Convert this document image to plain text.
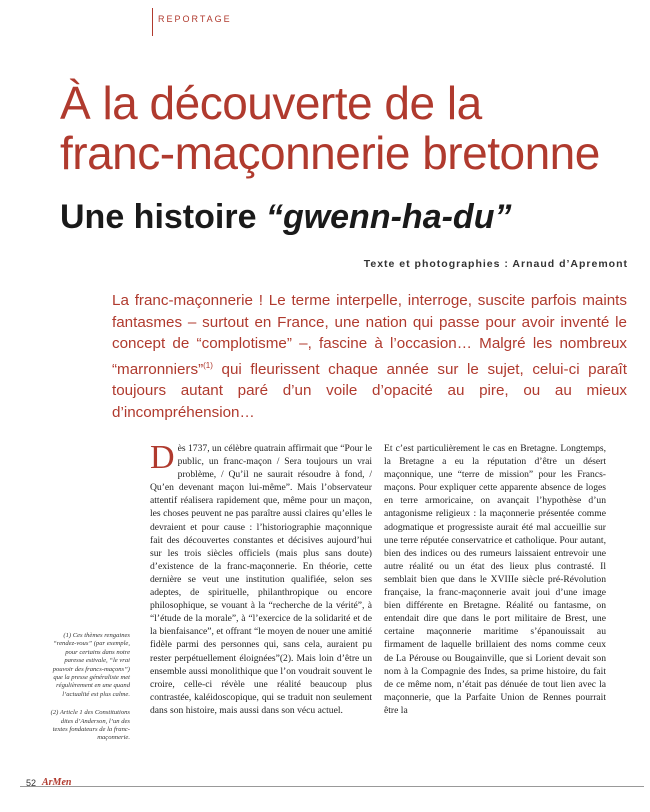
REPORTAGE
À la découverte de la
franc-maçonnerie bretonne
Une histoire “gwenn-ha-du”
Texte et photographies : Arnaud d’Apremont

La franc-maçonnerie ! Le terme interpelle, interroge, suscite parfois maints fantasmes – surtout en France, une nation qui passe pour avoir inventé le concept de “complotisme” –, fascine à l’occasion… Malgré les nombreux “marronniers”$^{(1)}$ qui fleurissent chaque année sur le sujet, celui-ci paraît toujours autant paré d’un voile d’opacité au pire, ou au mieux d’incompréhension…

(1) Ces thèmes rengaines “rendez-vous” (par exemple, pour certains dans notre paresse estivale, “le vrai pouvoir des francs-maçons”) que la presse généraliste met régulièrement en une quand l’actualité est plus calme.

(2) Article 1 des Constitutions dites d’Anderson, l’un des textes fondateurs de la franc-maçonnerie.

Dès 1737, un célèbre quatrain affirmait que “Pour le public, un franc-maçon / Sera toujours un vrai problème, / Qu’il ne saurait résoudre à fond, / Qu’en devenant maçon lui-même”. Mais l’observateur attentif réalisera rapidement que, même pour un maçon, les choses peuvent ne pas paraître aussi claires qu’elles le devraient et pour cause : l’historiographie maçonnique fait des découvertes constantes et décisives aujourd’hui sur les trois siècles officiels (mais plus sans doute) d’existence de la franc-maçonnerie. En théorie, cette dernière se veut une institution qualifiée, selon ses adeptes, de spirituelle, philanthropique ou encore philosophique, se vouant à la “recherche de la vérité”, à “l’étude de la morale”, à “l’exercice de la solidarité et de la bienfaisance”, et offrant “le moyen de nouer une amitié fidèle parmi des personnes qui, sans cela, auraient pu rester perpétuellement éloignées”(2). Mais loin d’être un ensemble aussi monolithique que l’on voudrait souvent le croire, celle-ci révèle une réalité beaucoup plus contrastée, kaléidoscopique, qui se traduit non seulement dans son histoire, mais aussi dans son vécu actuel.

Et c’est particulièrement le cas en Bretagne. Longtemps, la Bretagne a eu la réputation d’être un désert maçonnique, une “terre de mission” pour les Francs-maçons. Pour expliquer cette apparente absence de loges en terre armoricaine, on avançait l’hypothèse d’un antagonisme religieux : la maçonnerie présentée comme adogmatique et progressiste aurait été mal accueillie sur une terre réputée conservatrice et catholique. Pour autant, bien des indices ou des rumeurs laissaient entrevoir une autre réalité ou un état des lieux plus contrasté. Il semblait bien que dans le XVIIIe siècle pré-Révolution française, la franc-maçonnerie avait joui d’une image bien différente en Bretagne. Réalité ou fantasme, on entendait dire que dans le port militaire de Brest, une certaine maçonnerie maritime s’épanouissait au firmament de laquelle brillaient des noms comme ceux de La Pérouse ou Bougainville, que si Lorient devait son nom à la Compagnie des Indes, sa prime histoire, du fait de ce même nom, n’était pas dénuée de tout lien avec la maçonnerie, que la Parfaite Union de Rennes pourrait être la

52 ArMen
